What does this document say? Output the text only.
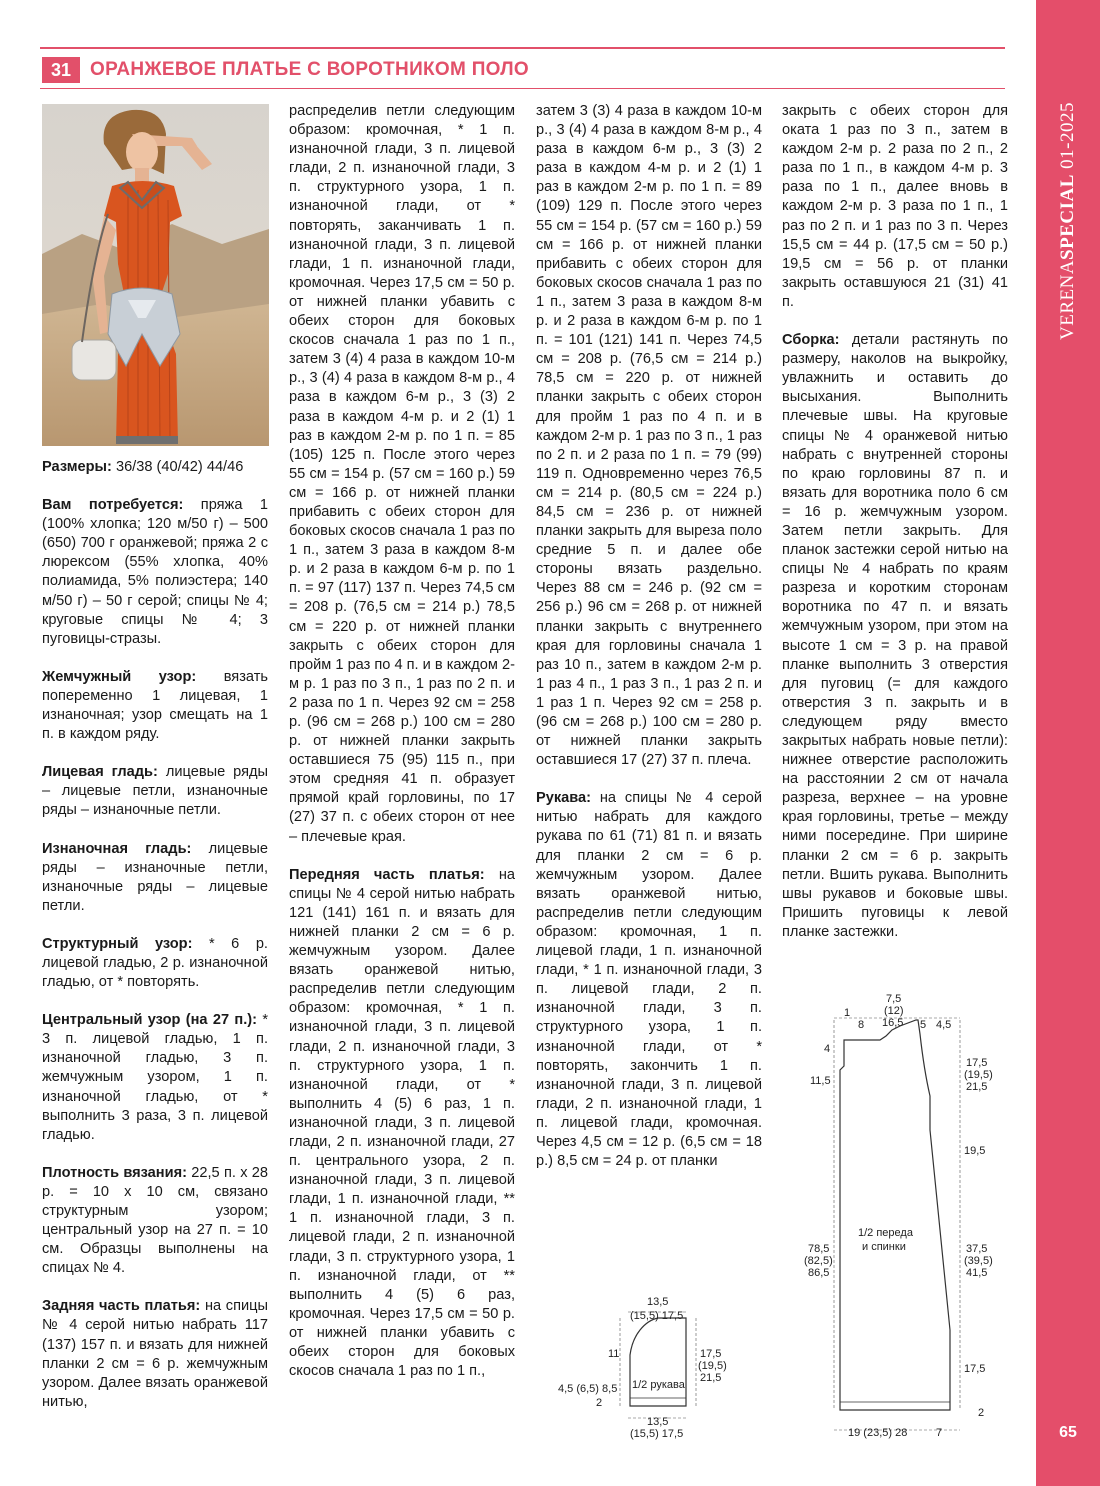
31 ОРАНЖЕВОЕ ПЛАТЬЕ С ВОРОТНИКОМ ПОЛО
VERENASPECIAL 01-2025
65

Размеры: 36/38 (40/42) 44/46

Вам потребуется: пряжа 1 (100% хлопка; 120 м/50 г) – 500 (650) 700 г оранжевой; пряжа 2 с люрексом (55% хлопка, 40% полиамида, 5% полиэстера; 140 м/50 г) – 50 г серой; спицы № 4; круговые спицы № 4; 3 пуговицы-стразы.

Жемчужный узор: вязать попеременно 1 лицевая, 1 изнаночная; узор смещать на 1 п. в каждом ряду.

Лицевая гладь: лицевые ряды – лицевые петли, изнаночные ряды – изнаночные петли.

Изнаночная гладь: лицевые ряды – изнаночные петли, изнаночные ряды – лицевые петли.

Структурный узор: * 6 р. лицевой гладью, 2 р. изнаночной гладью, от * повторять.

Центральный узор (на 27 п.): * 3 п. лицевой гладью, 1 п. изнаночной гладью, 3 п. жемчужным узором, 1 п. изнаночной гладью, от * выполнить 3 раза, 3 п. лицевой гладью.

Плотность вязания: 22,5 п. х 28 р. = 10 х 10 см, связано структурным узором; центральный узор на 27 п. = 10 см. Образцы выполнены на спицах № 4.

Задняя часть платья: на спицы № 4 серой нитью набрать 117 (137) 157 п. и вязать для нижней планки 2 см = 6 р. жемчужным узором. Далее вязать оранжевой нитью,

распределив петли следующим образом: кромочная, * 1 п. изнаночной глади, 3 п. лицевой глади, 2 п. изнаночной глади, 3 п. структурного узора, 1 п. изнаночной глади, от * повторять, заканчивать 1 п. изнаночной глади, 3 п. лицевой глади, 1 п. изнаночной глади, кромочная. Через 17,5 см = 50 р. от нижней планки убавить с обеих сторон для боковых скосов сначала 1 раз по 1 п., затем 3 (4) 4 раза в каждом 10-м р., 3 (4) 4 раза в каждом 8-м р., 4 раза в каждом 6-м р., 3 (3) 2 раза в каждом 4-м р. и 2 (1) 1 раз в каждом 2-м р. по 1 п. = 85 (105) 125 п. После этого через 55 см = 154 р. (57 см = 160 р.) 59 см = 166 р. от нижней планки прибавить с обеих сторон для боковых скосов сначала 1 раз по 1 п., затем 3 раза в каждом 8-м р. и 2 раза в каждом 6-м р. по 1 п. = 97 (117) 137 п. Через 74,5 см = 208 р. (76,5 см = 214 р.) 78,5 см = 220 р. от нижней планки закрыть с обеих сторон для пройм 1 раз по 4 п. и в каждом 2-м р. 1 раз по 3 п., 1 раз по 2 п. и 2 раза по 1 п. Через 92 см = 258 р. (96 см = 268 р.) 100 см = 280 р. от нижней планки закрыть оставшиеся 75 (95) 115 п., при этом средняя 41 п. образует прямой край горловины, по 17 (27) 37 п. с обеих сторон от нее – плечевые края.

Передняя часть платья: на спицы № 4 серой нитью набрать 121 (141) 161 п. и вязать для нижней планки 2 см = 6 р. жемчужным узором. Далее вязать оранжевой нитью, распределив петли следующим образом: кромочная, * 1 п. изнаночной глади, 3 п. лицевой глади, 2 п. изнаночной глади, 3 п. структурного узора, 1 п. изнаночной глади, от * выполнить 4 (5) 6 раз, 1 п. изнаночной глади, 3 п. лицевой глади, 2 п. изнаночной глади, 27 п. центрального узора, 2 п. изнаночной глади, 3 п. лицевой глади, 1 п. изнаночной глади, ** 1 п. изнаночной глади, 3 п. лицевой глади, 2 п. изнаночной глади, 3 п. структурного узора, 1 п. изнаночной глади, от ** выполнить 4 (5) 6 раз, кромочная. Через 17,5 см = 50 р. от нижней планки убавить с обеих сторон для боковых скосов сначала 1 раз по 1 п.,

затем 3 (3) 4 раза в каждом 10-м р., 3 (4) 4 раза в каждом 8-м р., 4 раза в каждом 6-м р., 3 (3) 2 раза в каждом 4-м р. и 2 (1) 1 раз в каждом 2-м р. по 1 п. = 89 (109) 129 п. После этого через 55 см = 154 р. (57 см = 160 р.) 59 см = 166 р. от нижней планки прибавить с обеих сторон для боковых скосов сначала 1 раз по 1 п., затем 3 раза в каждом 8-м р. и 2 раза в каждом 6-м р. по 1 п. = 101 (121) 141 п. Через 74,5 см = 208 р. (76,5 см = 214 р.) 78,5 см = 220 р. от нижней планки закрыть с обеих сторон для пройм 1 раз по 4 п. и в каждом 2-м р. 1 раз по 3 п., 1 раз по 2 п. и 2 раза по 1 п. = 79 (99) 119 п. Одновременно через 76,5 см = 214 р. (80,5 см = 224 р.) 84,5 см = 236 р. от нижней планки закрыть для выреза поло средние 5 п. и далее обе стороны вязать раздельно. Через 88 см = 246 р. (92 см = 256 р.) 96 см = 268 р. от нижней планки закрыть с внутреннего края для горловины сначала 1 раз 10 п., затем в каждом 2-м р. 1 раз 4 п., 1 раз 3 п., 1 раз 2 п. и 1 раз 1 п. Через 92 см = 258 р. (96 см = 268 р.) 100 см = 280 р. от нижней планки закрыть оставшиеся 17 (27) 37 п. плеча.

Рукава: на спицы № 4 серой нитью набрать для каждого рукава по 61 (71) 81 п. и вязать для планки 2 см = 6 р. жемчужным узором. Далее вязать оранжевой нитью, распределив петли следующим образом: кромочная, 1 п. лицевой глади, 1 п. изнаночной глади, * 1 п. изнаночной глади, 3 п. лицевой глади, 2 п. изнаночной глади, 3 п. структурного узора, 1 п. изнаночной глади, от * повторять, закончить 1 п. изнаночной глади, 3 п. лицевой глади, 2 п. изнаночной глади, 1 п. лицевой глади, кромочная. Через 4,5 см = 12 р. (6,5 см = 18 р.) 8,5 см = 24 р. от планки

закрыть с обеих сторон для оката 1 раз по 3 п., затем в каждом 2-м р. 2 раза по 2 п., 2 раза по 1 п., в каждом 4-м р. 3 раза по 1 п., далее вновь в каждом 2-м р. 3 раза по 1 п., 1 раз по 2 п. и 1 раз по 3 п. Через 15,5 см = 44 р. (17,5 см = 50 р.) 19,5 см = 56 р. от планки закрыть оставшуюся 21 (31) 41 п.

Сборка: детали растянуть по размеру, наколов на выкройку, увлажнить и оставить до высыхания. Выполнить плечевые швы. На круговые спицы № 4 оранжевой нитью набрать с внутренней стороны по краю горловины 87 п. и вязать для воротника поло 6 см = 16 р. жемчужным узором. Затем петли закрыть. Для планок застежки серой нитью на спицы № 4 набрать по краям разреза и коротким сторонам воротника по 47 п. и вязать жемчужным узором, при этом на высоте 1 см = 3 р. на правой планке выполнить 3 отверстия для пуговиц (= для каждого отверстия 3 п. закрыть и в следующем ряду вместо закрытых набрать новые петли): нижнее отверстие расположить на расстоянии 2 см от начала разреза, верхнее – на уровне края горловины, третье – между ними посередине. При ширине планки 2 см = 6 р. закрыть петли. Вшить рукава. Выполнить швы рукавов и боковые швы. Пришить пуговицы к левой планке застежки.

13,5
(15,5) 17,5
11
4,5 (6,5) 8,5
2
17,5
(19,5)
21,5
1/2 рукава
13,5
(15,5) 17,5
1
8
7,5
(12)
16,5 5 4,5
4
11,5
78,5
(82,5)
86,5
17,5
(19,5)
21,5
19,5
37,5
(39,5)
41,5
17,5
2
1/2 переда
и спинки
19 (23,5) 28	7
